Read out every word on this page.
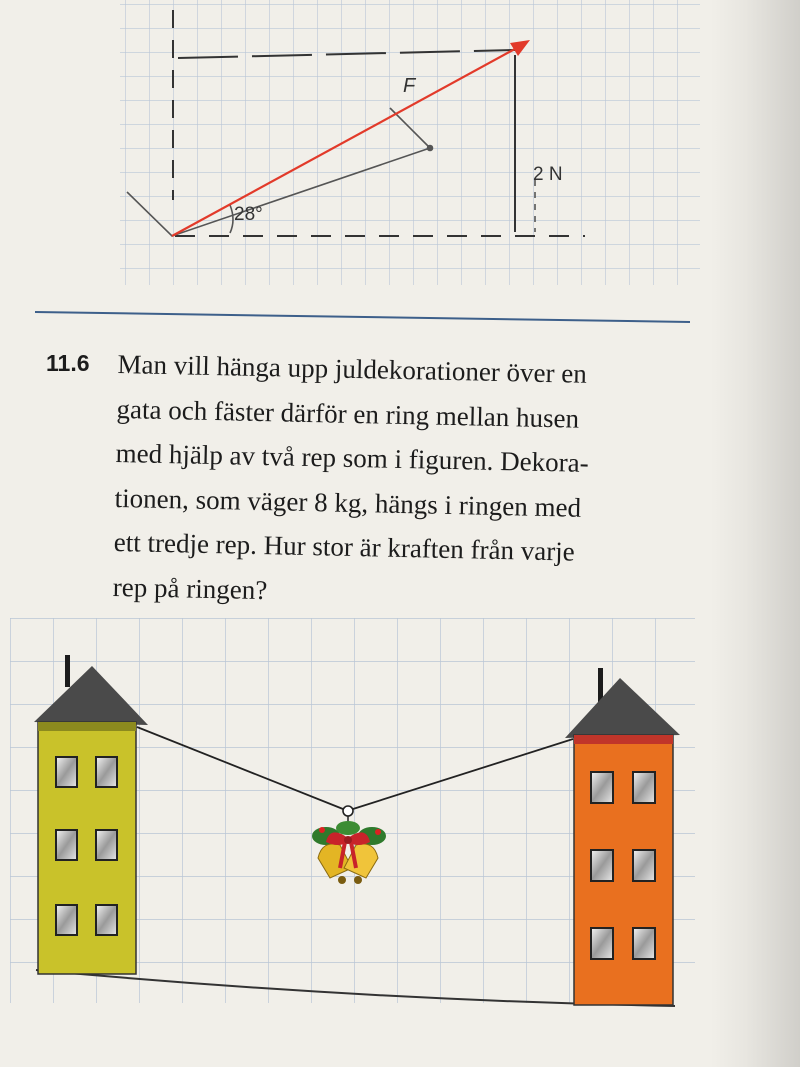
F
28°
2 N
11.6 Man vill hänga upp juldekorationer över en
gata och fäster därför en ring mellan husen
med hjälp av två rep som i figuren. Dekora-
tionen, som väger 8 kg, hängs i ringen med
ett tredje rep. Hur stor är kraften från varje
rep på ringen?
